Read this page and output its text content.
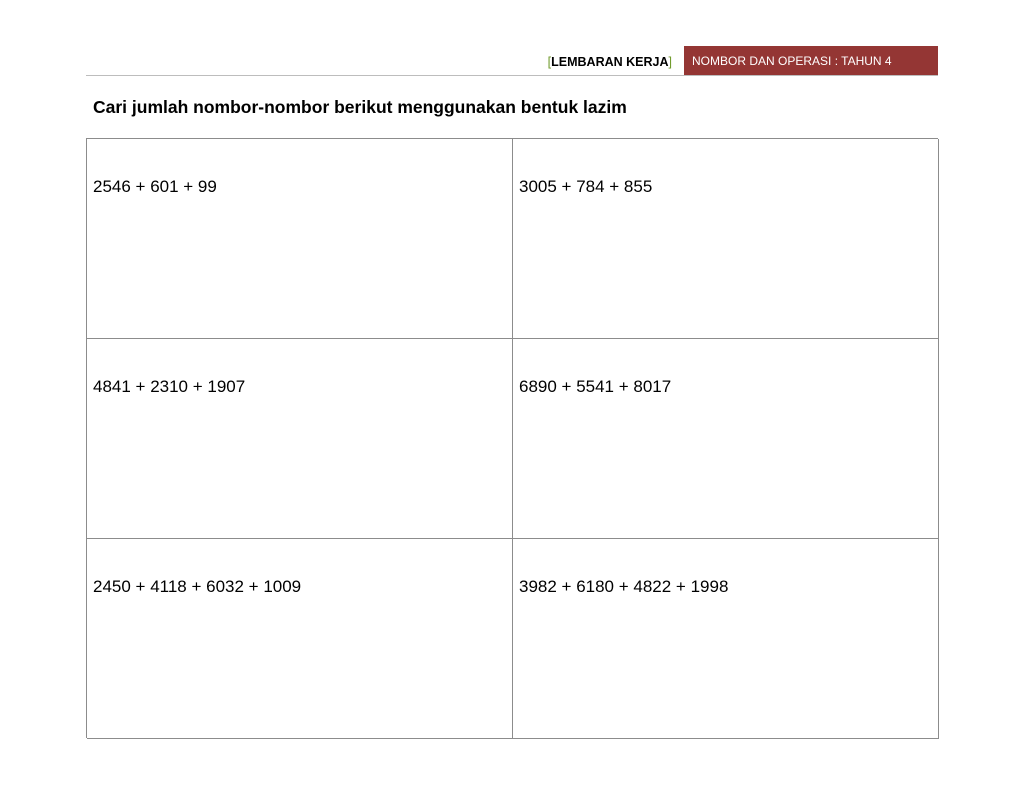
[LEMBARAN KERJA]	NOMBOR DAN OPERASI : TAHUN 4
Cari jumlah nombor-nombor berikut menggunakan bentuk lazim
2546 + 601 + 99	3005 + 784 + 855
4841 + 2310 + 1907	6890 + 5541 + 8017
2450 + 4118 + 6032 + 1009	3982 + 6180 + 4822 + 1998
